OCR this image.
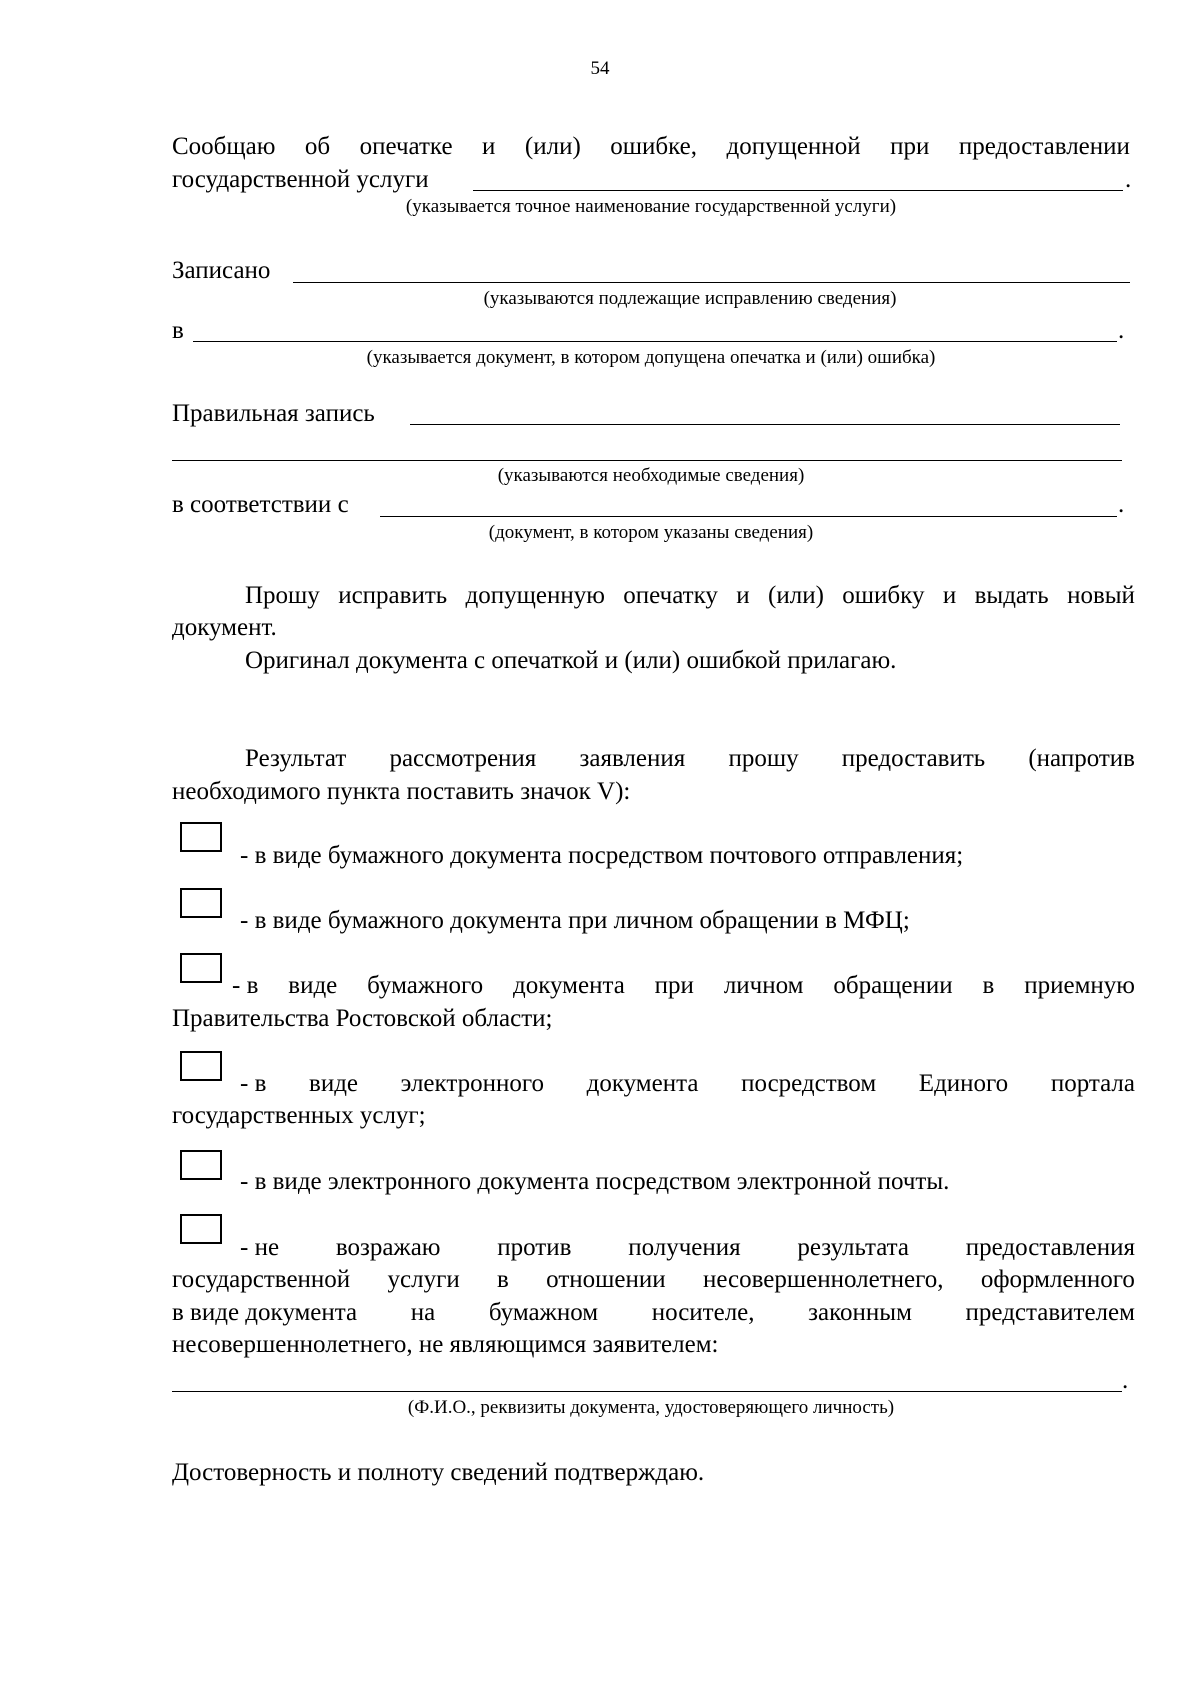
54
Сообщаю об опечатке и (или) ошибке, допущенной при предоставлении
государственной услуги	.
(указывается точное наименование государственной услуги)
Записано
(указываются подлежащие исправлению сведения)
в	.
(указывается документ, в котором допущена опечатка и (или) ошибка)
Правильная запись
(указываются необходимые сведения)
в соответствии с	.
(документ, в котором указаны сведения)
Прошу исправить допущенную опечатку и (или) ошибку и выдать новый
документ.
Оригинал документа с опечаткой и (или) ошибкой прилагаю.
Результат рассмотрения заявления прошу предоставить (напротив
необходимого пункта поставить значок V):
- в виде бумажного документа посредством почтового отправления;
- в виде бумажного документа при личном обращении в МФЦ;
- в виде бумажного документа при личном обращении в приемную
Правительства Ростовской области;
- в виде электронного документа посредством Единого портала
государственных услуг;
- в виде электронного документа посредством электронной почты.
- не возражаю против получения результата предоставления
государственной услуги в отношении несовершеннолетнего, оформленного
в виде документа на бумажном носителе, законным представителем
несовершеннолетнего, не являющимся заявителем:
.
(Ф.И.О., реквизиты документа, удостоверяющего личность)
Достоверность и полноту сведений подтверждаю.
